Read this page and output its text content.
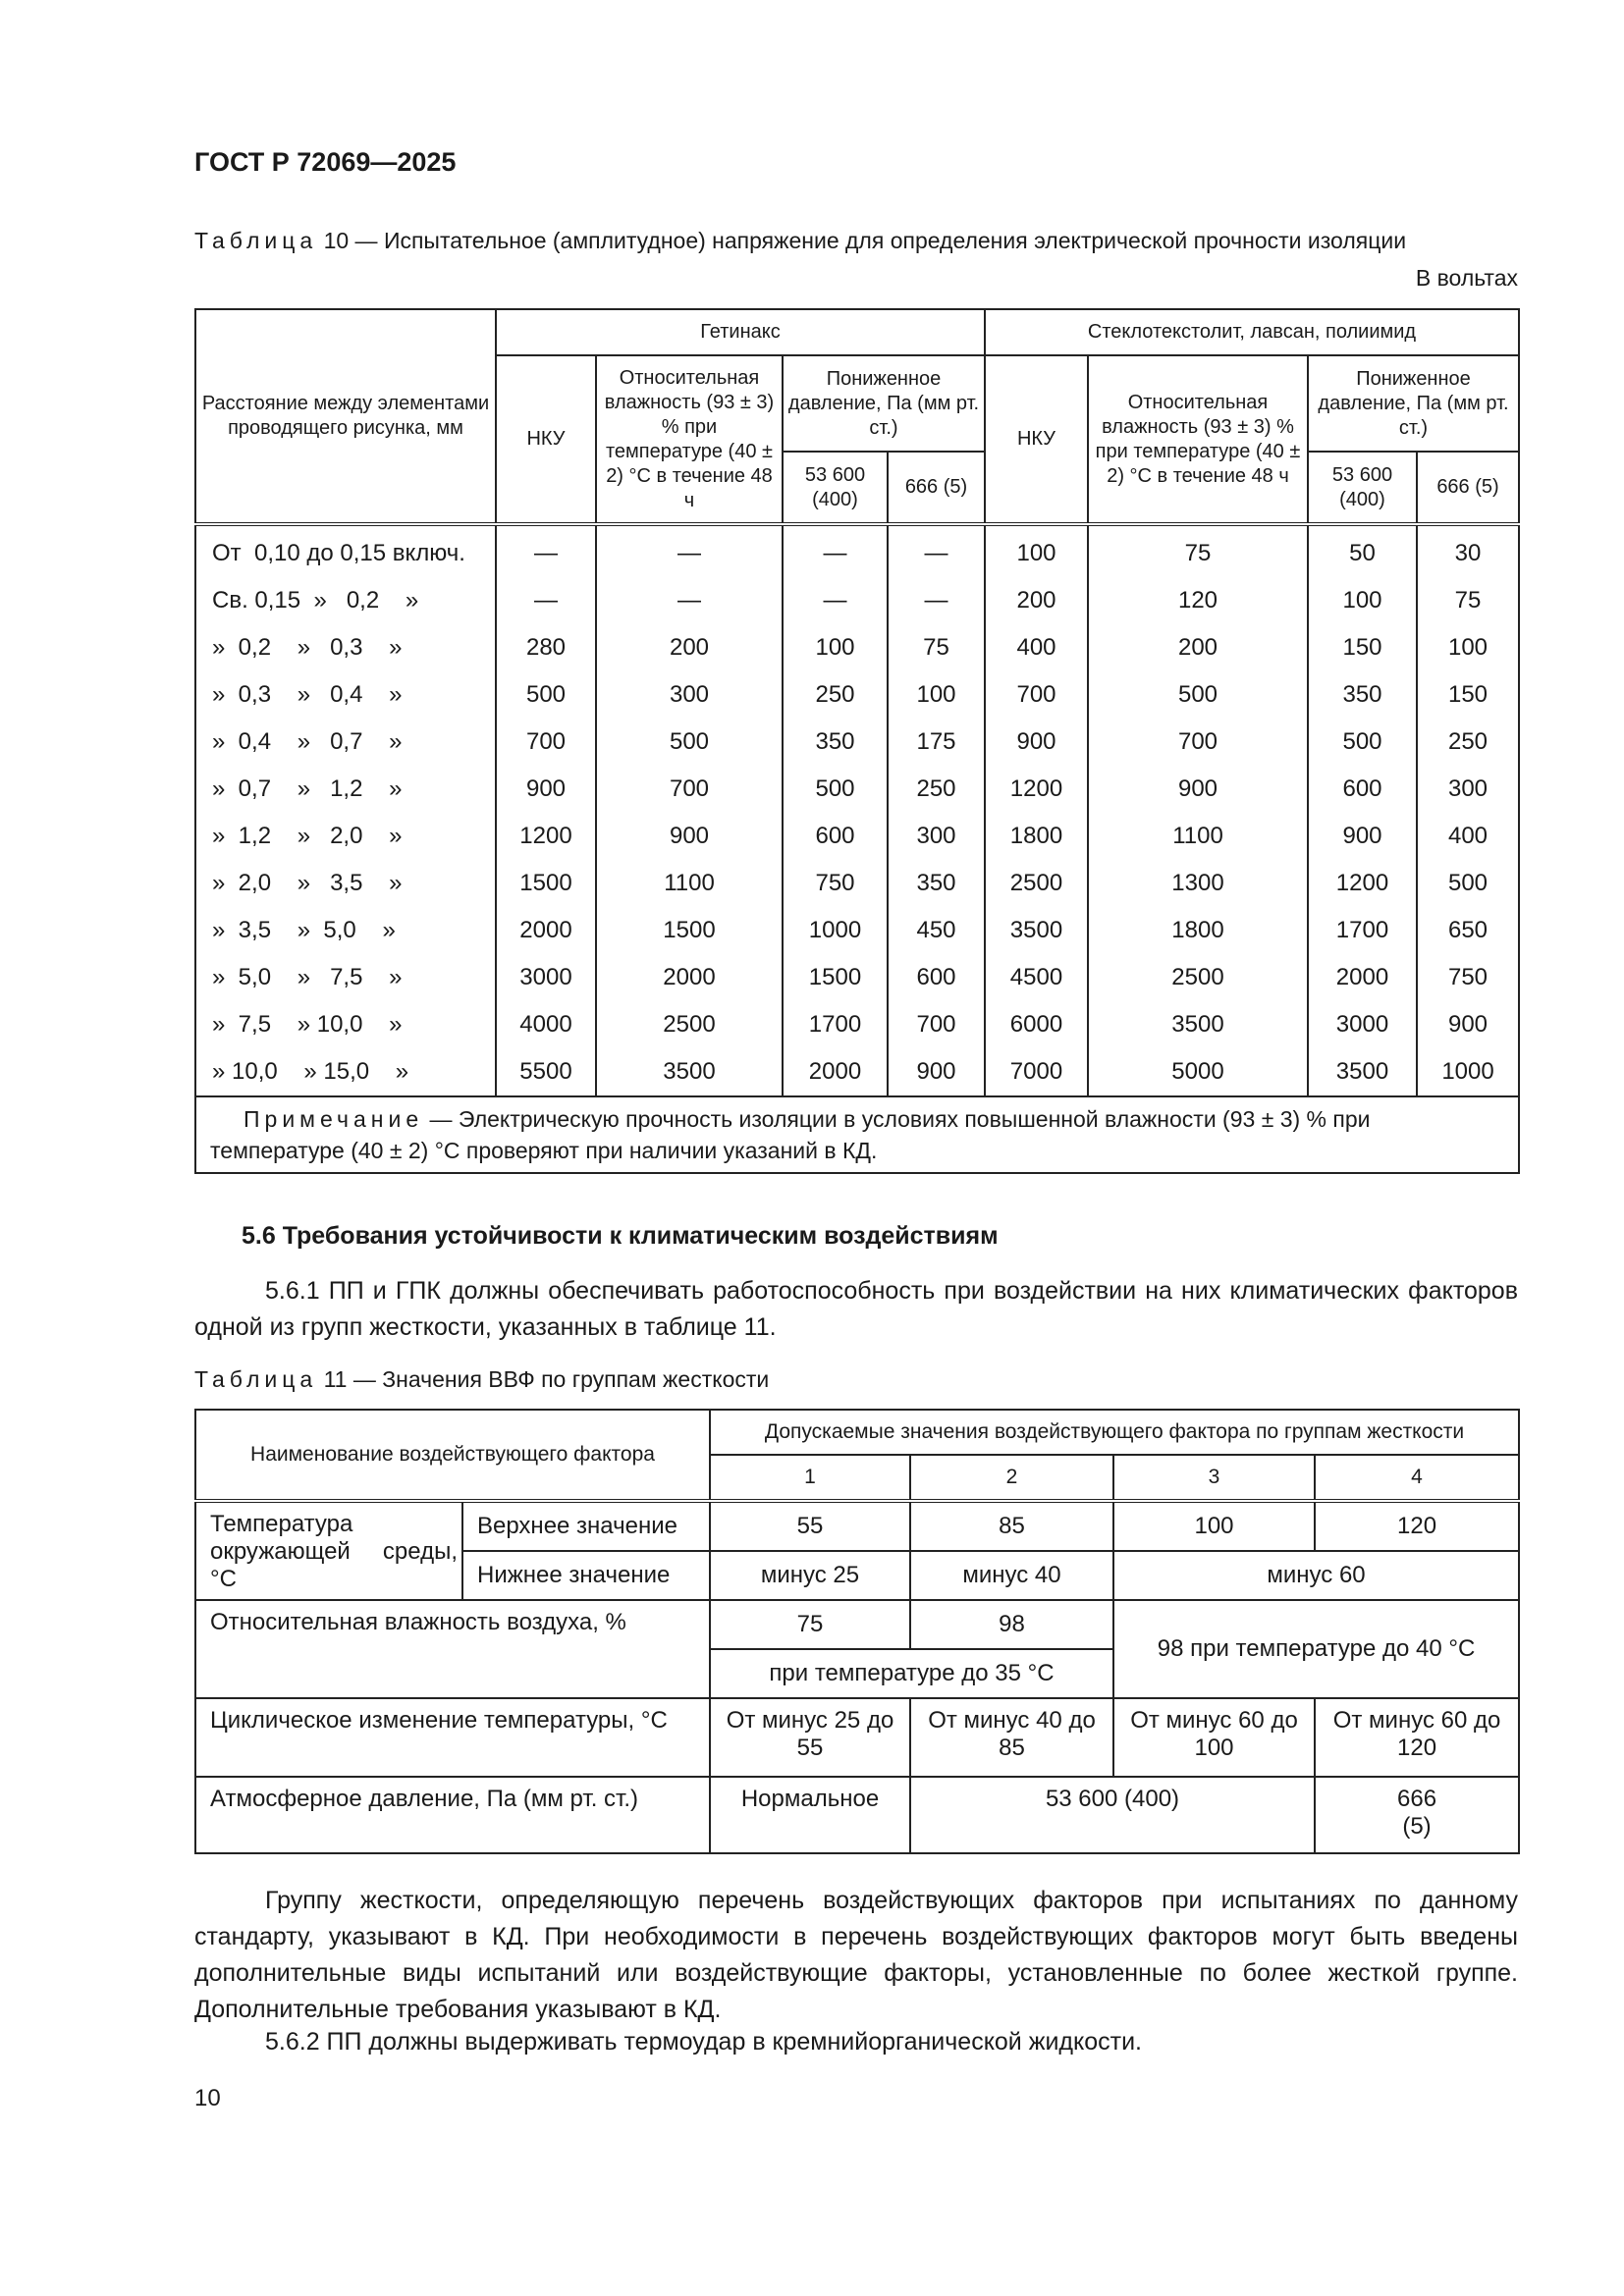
ГОСТ Р 72069—2025
Таблица 10 — Испытательное (амплитудное) напряжение для определения электрической прочности изоляции
В вольтах
Расстояние между элементами проводящего рисунка, мм	Гетинакс				Стеклотекстолит, лавсан, полиимид			
	НКУ	Относительная влажность (93 ± 3) % при температуре (40 ± 2) °С в течение 48 ч	Пониженное давление, Па (мм рт. ст.)		НКУ	Относительная влажность (93 ± 3) % при температуре (40 ± 2) °С в течение 48 ч	Пониженное давление, Па (мм рт. ст.)	
			53 600 (400)	666 (5)			53 600 (400)	666 (5)
От  0,10 до 0,15 включ.	—	—	—	—	100	75	50	30
Св. 0,15  »   0,2    »	—	—	—	—	200	120	100	75
»  0,2    »   0,3    »	280	200	100	75	400	200	150	100
»  0,3    »   0,4    »	500	300	250	100	700	500	350	150
»  0,4    »   0,7    »	700	500	350	175	900	700	500	250
»  0,7    »   1,2    »	900	700	500	250	1200	900	600	300
»  1,2    »   2,0    »	1200	900	600	300	1800	1100	900	400
»  2,0    »   3,5    »	1500	1100	750	350	2500	1300	1200	500
»  3,5    »  5,0    »	2000	1500	1000	450	3500	1800	1700	650
»  5,0    »   7,5    »	3000	2000	1500	600	4500	2500	2000	750
»  7,5    » 10,0    »	4000	2500	1700	700	6000	3500	3000	900
» 10,0    » 15,0    »	5500	3500	2000	900	7000	5000	3500	1000
Примечание — Электрическую прочность изоляции в условиях повышенной влажности (93 ± 3) % при температуре (40 ± 2) °С проверяют при наличии указаний в КД.								
5.6 Требования устойчивости к климатическим воздействиям
5.6.1 ПП и ГПК должны обеспечивать работоспособность при воздействии на них климатических факторов одной из групп жесткости, указанных в таблице 11.
Таблица 11 — Значения ВВФ по группам жесткости
Наименование воздействующего фактора		Допускаемые значения воздействующего фактора по группам жесткости			
		1	2	3	4
Температура окружающей среды, °С	Верхнее значение	55	85	100	120
	Нижнее значение	минус 25	минус 40	минус 60	
Относительная влажность воздуха, %		75	98	98 при температуре до 40 °С	
		при температуре до 35 °С			
Циклическое изменение температуры, °С		От минус 25 до 55	От минус 40 до 85	От минус 60 до 100	От минус 60 до 120
Атмосферное давление, Па (мм рт. ст.)		Нормальное	53 600 (400)		666 (5)
Группу жесткости, определяющую перечень воздействующих факторов при испытаниях по данному стандарту, указывают в КД. При необходимости в перечень воздействующих факторов могут быть введены дополнительные виды испытаний или воздействующие факторы, установленные по более жесткой группе. Дополнительные требования указывают в КД.
5.6.2 ПП должны выдерживать термоудар в кремнийорганической жидкости.
10
